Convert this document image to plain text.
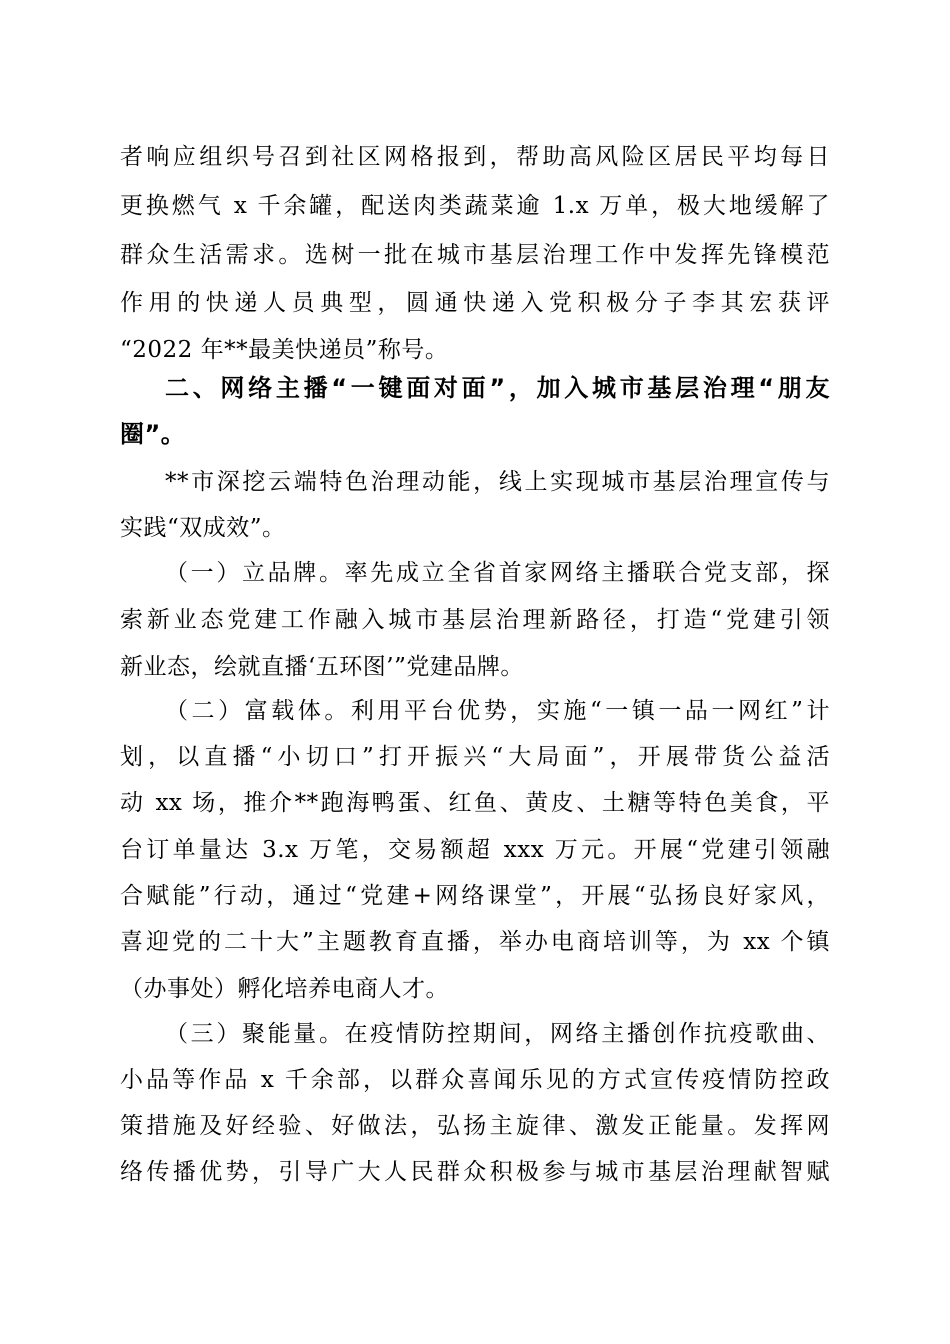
者响应组织号召到社区网格报到，帮助高风险区居民平均每日
更换燃气 x 千余罐，配送肉类蔬菜逾 1.x 万单，极大地缓解了
群众生活需求。选树一批在城市基层治理工作中发挥先锋模范
作用的快递人员典型，圆通快递入党积极分子李其宏获评
“2022 年**最美快递员”称号。
二、网络主播“一键面对面”，加入城市基层治理“朋友
圈”。
**市深挖云端特色治理动能，线上实现城市基层治理宣传与
实践“双成效”。
（一）立品牌。率先成立全省首家网络主播联合党支部，探
索新业态党建工作融入城市基层治理新路径，打造“党建引领
新业态，绘就直播‘五环图’”党建品牌。
（二）富载体。利用平台优势，实施“一镇一品一网红”计
划，以直播“小切口”打开振兴“大局面”，开展带货公益活
动 xx 场，推介**跑海鸭蛋、红鱼、黄皮、土糖等特色美食，平
台订单量达 3.x 万笔，交易额超 xxx 万元。开展“党建引领融
合赋能”行动，通过“党建+网络课堂”，开展“弘扬良好家风，
喜迎党的二十大”主题教育直播，举办电商培训等，为 xx 个镇
（办事处）孵化培养电商人才。
（三）聚能量。在疫情防控期间，网络主播创作抗疫歌曲、
小品等作品 x 千余部，以群众喜闻乐见的方式宣传疫情防控政
策措施及好经验、好做法，弘扬主旋律、激发正能量。发挥网
络传播优势，引导广大人民群众积极参与城市基层治理献智赋
